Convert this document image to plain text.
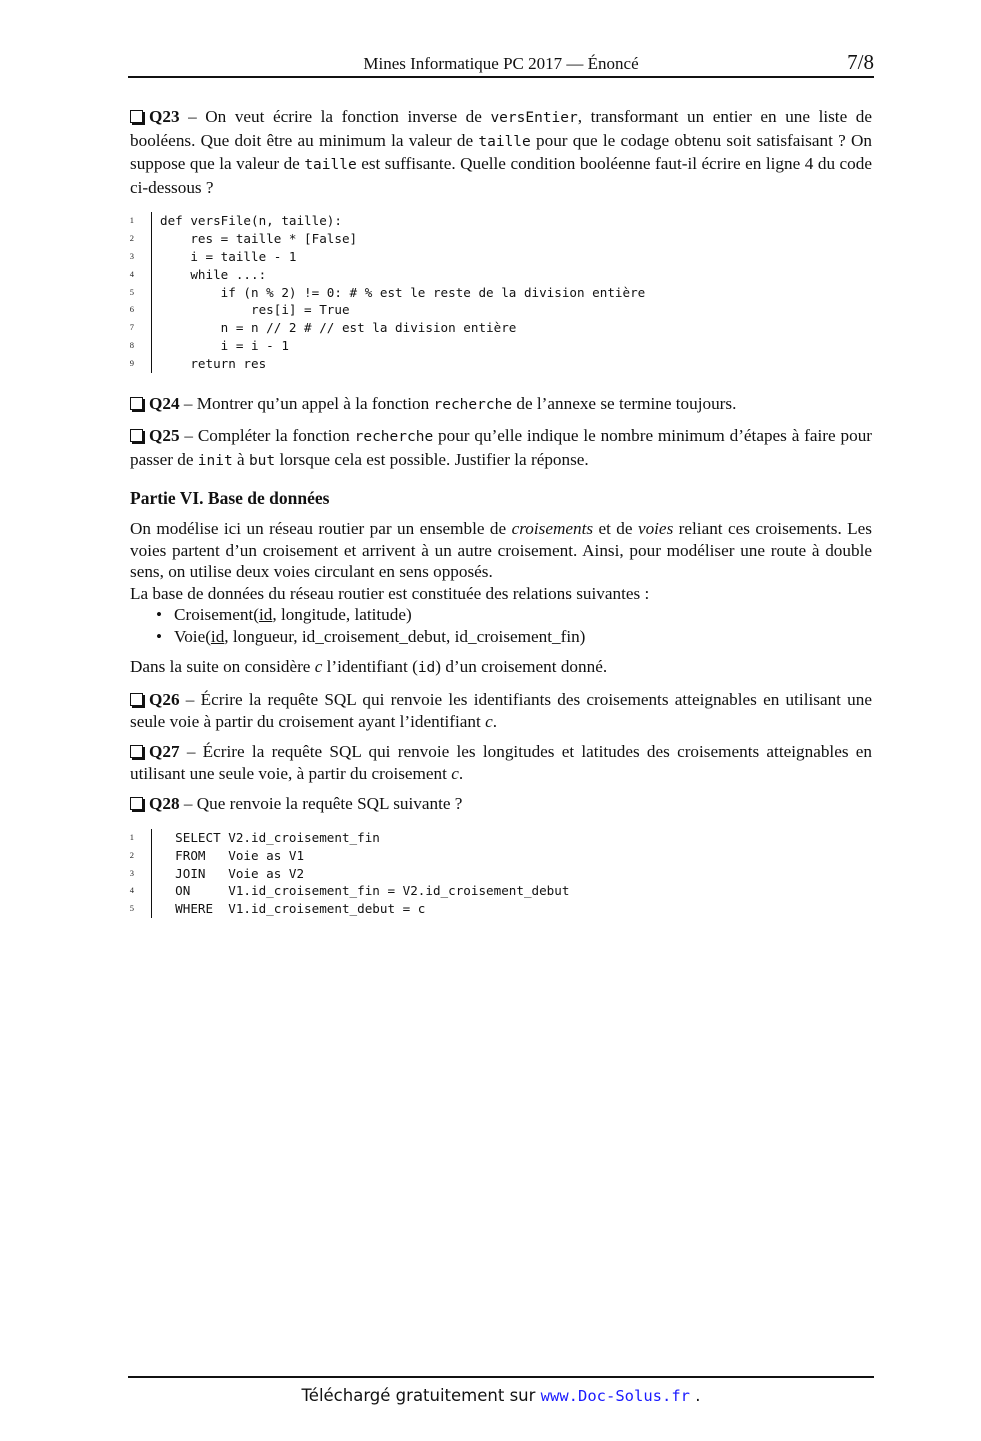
Mines Informatique PC 2017 — Énoncé	7/8

Q23 – On veut écrire la fonction inverse de versEntier, transformant un entier en une liste de booléens. Que doit être au minimum la valeur de taille pour que le codage obtenu soit satisfaisant ? On suppose que la valeur de taille est suffisante. Quelle condition booléenne faut-il écrire en ligne 4 du code ci-dessous ?

1 def versFile(n, taille):
2 res = taille * [False]
3 i = taille - 1
4 while ...:
5 if (n % 2) != 0: # % est le reste de la division entière
6 res[i] = True
7 n = n // 2 # // est la division entière
8 i = i - 1
9 return res

Q24 – Montrer qu’un appel à la fonction recherche de l’annexe se termine toujours.

Q25 – Compléter la fonction recherche pour qu’elle indique le nombre minimum d’étapes à faire pour passer de init à but lorsque cela est possible. Justifier la réponse.

Partie VI. Base de données

On modélise ici un réseau routier par un ensemble de croisements et de voies reliant ces croisements. Les voies partent d’un croisement et arrivent à un autre croisement. Ainsi, pour modéliser une route à double sens, on utilise deux voies circulant en sens opposés.
La base de données du réseau routier est constituée des relations suivantes :

• Croisement(id, longitude, latitude)
• Voie(id, longueur, id_croisement_debut, id_croisement_fin)

Dans la suite on considère c l’identifiant (id) d’un croisement donné.

Q26 – Écrire la requête SQL qui renvoie les identifiants des croisements atteignables en utilisant une seule voie à partir du croisement ayant l’identifiant c.

Q27 – Écrire la requête SQL qui renvoie les longitudes et latitudes des croisements atteignables en utilisant une seule voie, à partir du croisement c.

Q28 – Que renvoie la requête SQL suivante ?

1 SELECT V2.id_croisement_fin
2 FROM   Voie as V1
3 JOIN   Voie as V2
4 ON     V1.id_croisement_fin = V2.id_croisement_debut
5 WHERE  V1.id_croisement_debut = c
Téléchargé gratuitement sur www.Doc-Solus.fr .
